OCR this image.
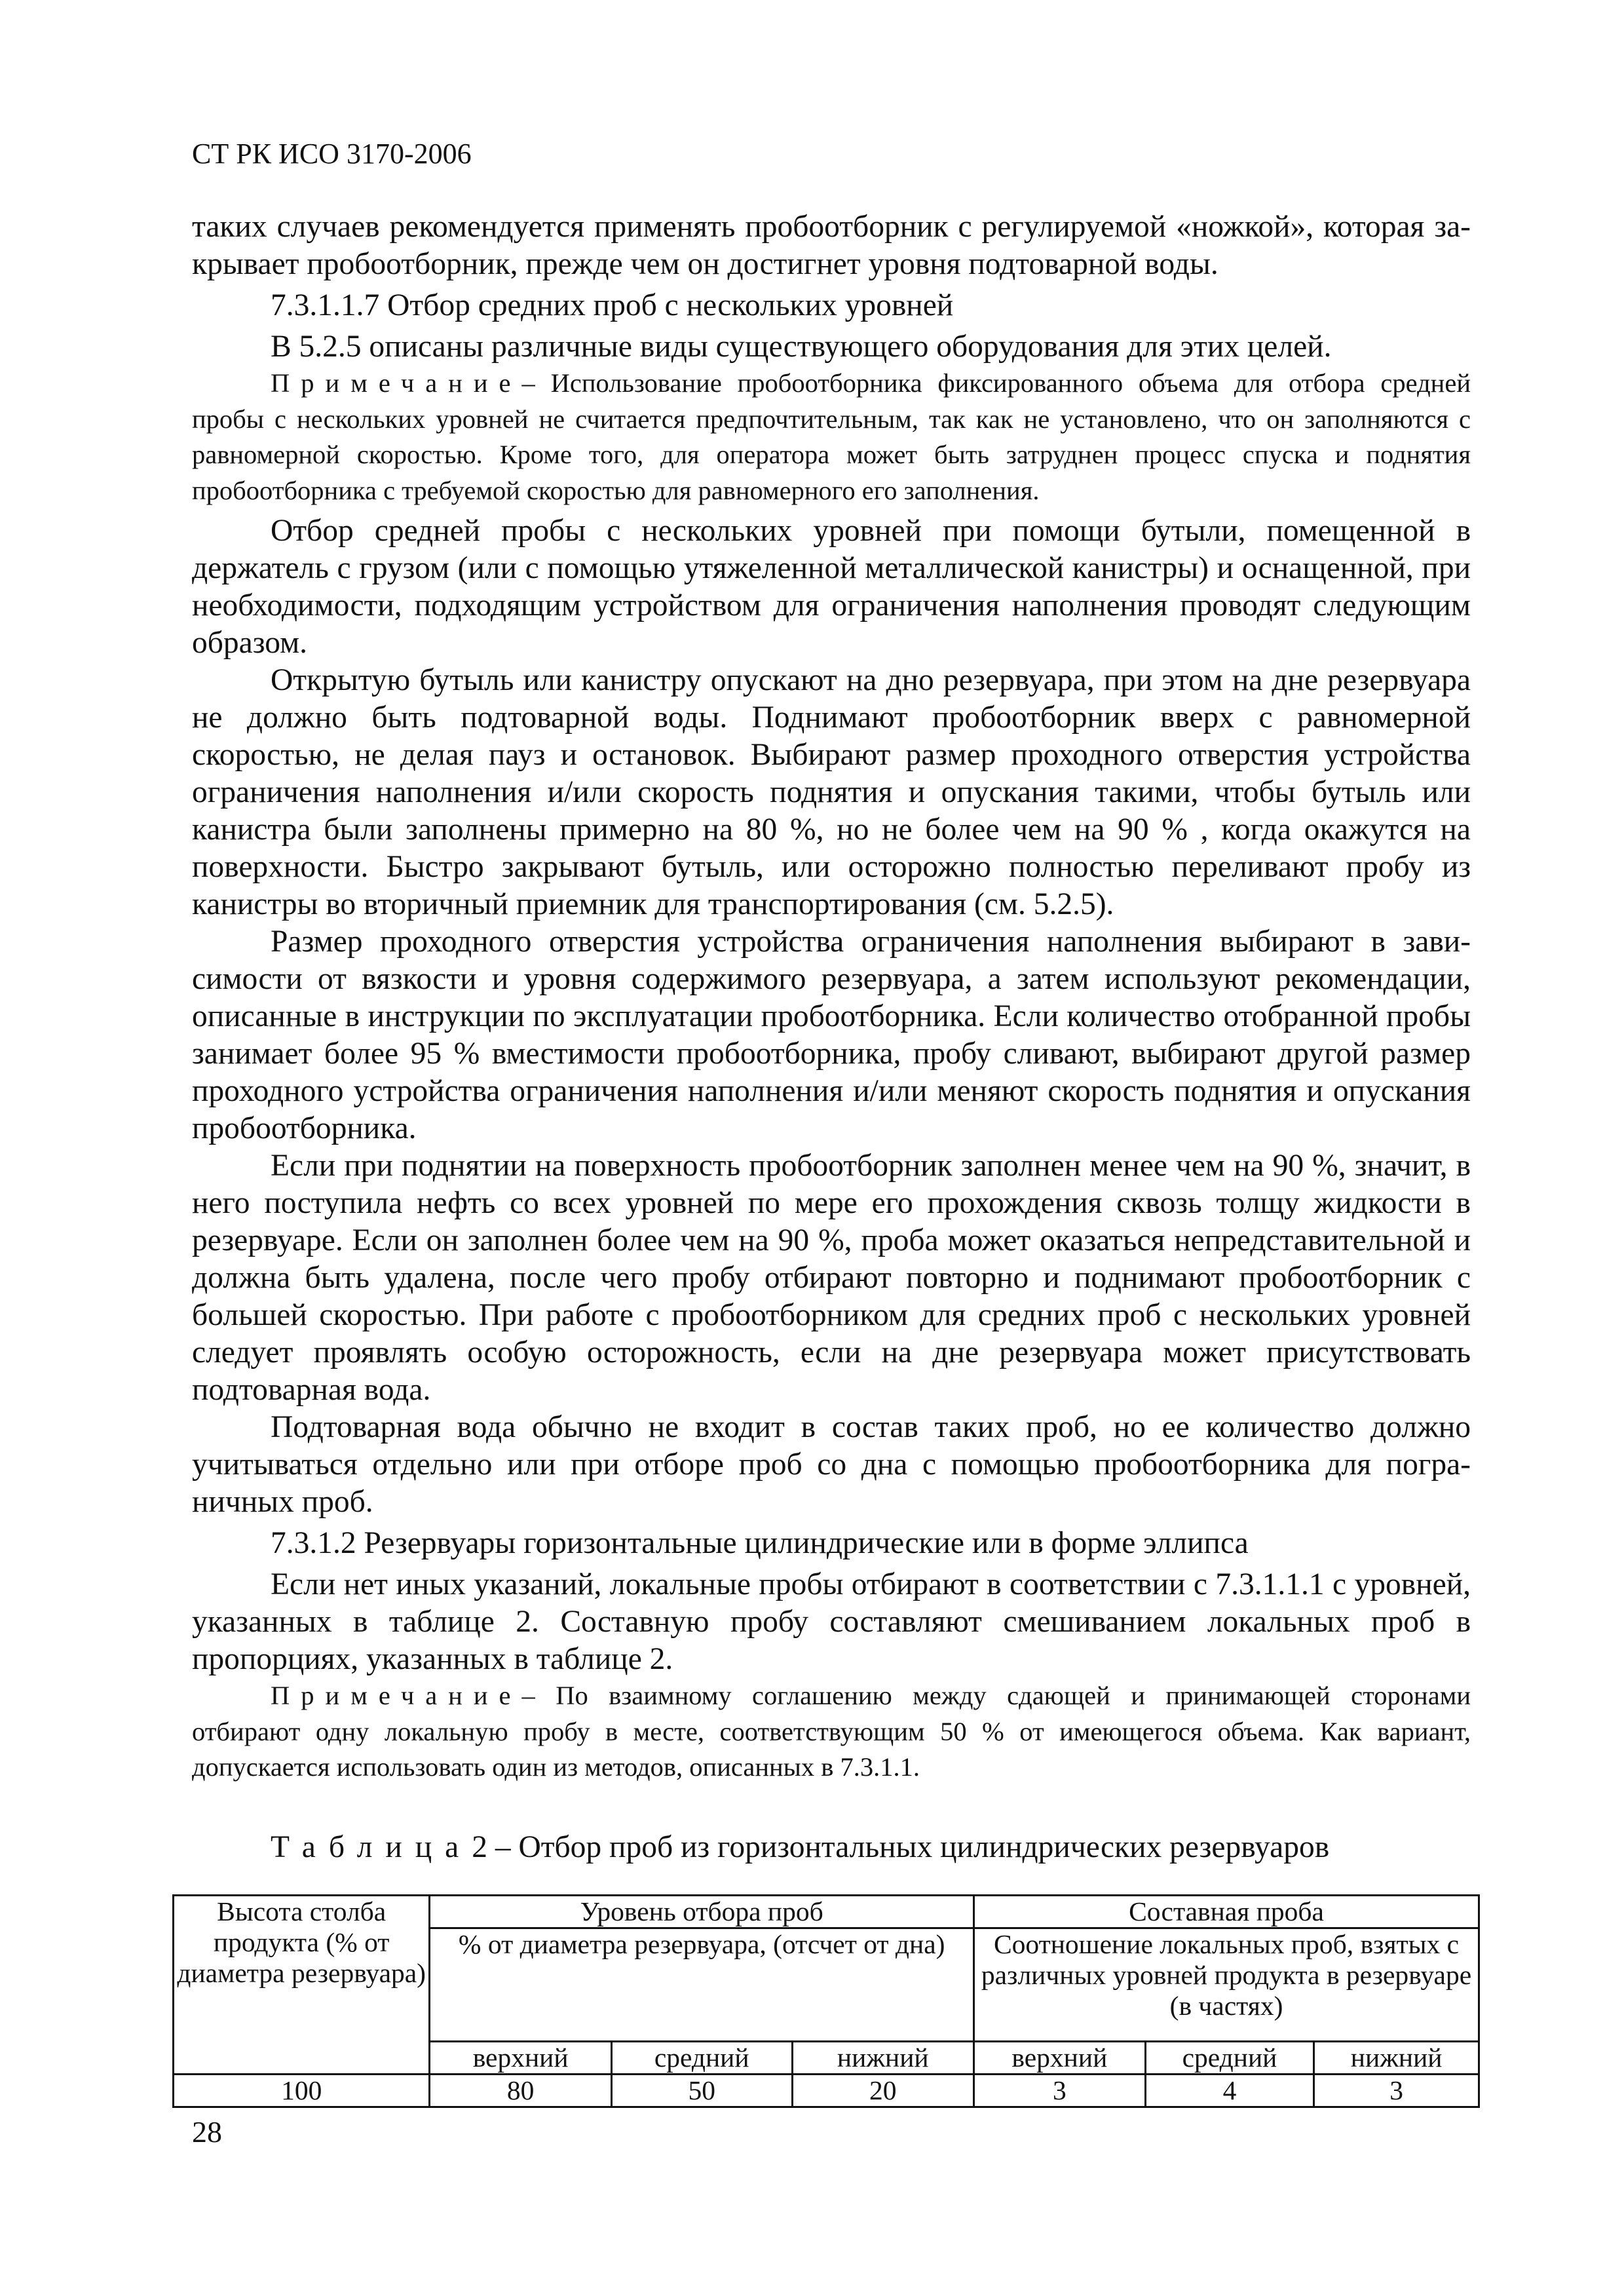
СТ РК ИСО 3170-2006

таких случаев рекомендуется применять пробоотборник с регулируемой «ножкой», которая закрывает пробоотборник, прежде чем он достигнет уровня подтоварной воды.

7.3.1.1.7 Отбор средних проб с нескольких уровней

В 5.2.5 описаны различные виды существующего оборудования для этих целей.

Примечание– Использование пробоотборника фиксированного объема для отбора средней пробы с нескольких уровней не считается предпочтительным, так как не установлено, что он заполняются с равномерной скоростью. Кроме того, для оператора может быть затруднен процесс спуска и поднятия пробоотборника с требуемой скоростью для равномерного его заполнения.

Отбор средней пробы с нескольких уровней при помощи бутыли, помещенной в держатель с грузом (или с помощью утяжеленной металлической канистры) и оснащенной, при необходимости, подходящим устройством для ограничения наполнения проводят следующим образом.

Открытую бутыль или канистру опускают на дно резервуара, при этом на дне резервуара не должно быть подтоварной воды. Поднимают пробоотборник вверх с равномерной скоростью, не делая пауз и остановок. Выбирают размер проходного отверстия устройства ограничения наполнения и/или скорость поднятия и опускания такими, чтобы бутыль или канистра были заполнены примерно на 80 %, но не более чем на 90 % , когда окажутся на поверхности. Быстро закрывают бутыль, или осторожно полностью переливают пробу из канистры во вторичный приемник для транспортирования (см. 5.2.5).

Размер проходного отверстия устройства ограничения наполнения выбирают в зависимости от вязкости и уровня содержимого резервуара, а затем используют рекомендации, описанные в инструкции по эксплуатации пробоотборника. Если количество отобранной пробы занимает более 95 % вместимости пробоотборника, пробу сливают, выбирают другой размер проходного устройства ограничения наполнения и/или меняют скорость поднятия и опускания пробоотборника.

Если при поднятии на поверхность пробоотборник заполнен менее чем на 90 %, значит, в него поступила нефть со всех уровней по мере его прохождения сквозь толщу жидкости в резервуаре. Если он заполнен более чем на 90 %, проба может оказаться непредставительной и должна быть удалена, после чего пробу отбирают повторно и поднимают пробоотборник с большей скоростью. При работе с пробоотборником для средних проб с нескольких уровней следует проявлять особую осторожность, если на дне резервуара может присутствовать подтоварная вода.

Подтоварная вода обычно не входит в состав таких проб, но ее количество должно учитываться отдельно или при отборе проб со дна с помощью пробоотборника для пограничных проб.

7.3.1.2 Резервуары горизонтальные цилиндрические или в форме эллипса

Если нет иных указаний, локальные пробы отбирают в соответствии с 7.3.1.1.1 с уровней, указанных в таблице 2. Составную пробу составляют смешиванием локальных проб в пропорциях, указанных в таблице 2.

Примечание– По взаимному соглашению между сдающей и принимающей сторонами отбирают одну локальную пробу в месте, соответствующим 50 % от имеющегося объема. Как вариант, допускается использовать один из методов, описанных в 7.3.1.1.

Таблица2 – Отбор проб из горизонтальных цилиндрических резервуаров
Высота столба продукта (% от диаметра резервуара)	Уровень отбора проб			Составная проба		
	% от диаметра резервуара, (отсчет от дна)			Соотношение локальных проб, взятых с различных уровней продукта в резервуаре (в частях)		
	верхний	средний	нижний	верхний	средний	нижний
100	80	50	20	3	4	3
28
